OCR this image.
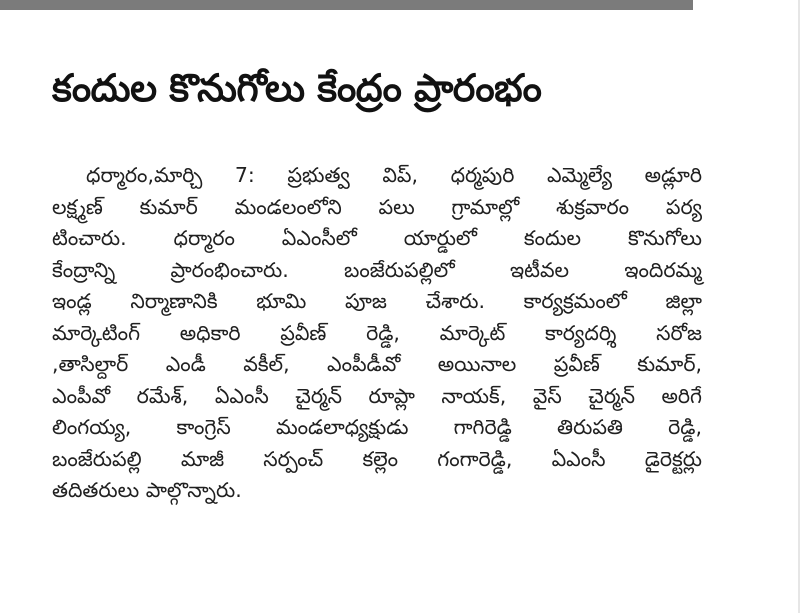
కందుల కొనుగోలు కేంద్రం ప్రారంభం
ధర్మారం,మార్చి 7: ప్రభుత్వ విప్, ధర్మపురి ఎమ్మెల్యే అడ్లూరి
లక్ష్మణ్ కుమార్ మండలంలోని పలు గ్రామాల్లో శుక్రవారం పర్య
టించారు. ధర్మారం ఏఎంసీలో యార్డులో కందుల కొనుగోలు
కేంద్రాన్ని ప్రారంభించారు. బంజేరుపల్లిలో ఇటీవల ఇందిరమ్మ
ఇండ్ల నిర్మాణానికి భూమి పూజ చేశారు. కార్యక్రమంలో జిల్లా
మార్కెటింగ్ అధికారి ప్రవీణ్ రెడ్డి, మార్కెట్ కార్యదర్శి సరోజ
,తాసిల్దార్ ఎండీ వకీల్, ఎంపీడీవో అయినాల ప్రవీణ్ కుమార్,
ఎంపీవో రమేశ్, ఏఎంసీ చైర్మన్ రూప్లా నాయక్, వైస్ చైర్మన్ అరిగే
లింగయ్య, కాంగ్రెస్ మండలాధ్యక్షుడు గాగిరెడ్డి తిరుపతి రెడ్డి,
బంజేరుపల్లి మాజీ సర్పంచ్ కల్లెం గంగారెడ్డి, ఏఎంసీ డైరెక్టర్లు
తదితరులు పాల్గొన్నారు.
